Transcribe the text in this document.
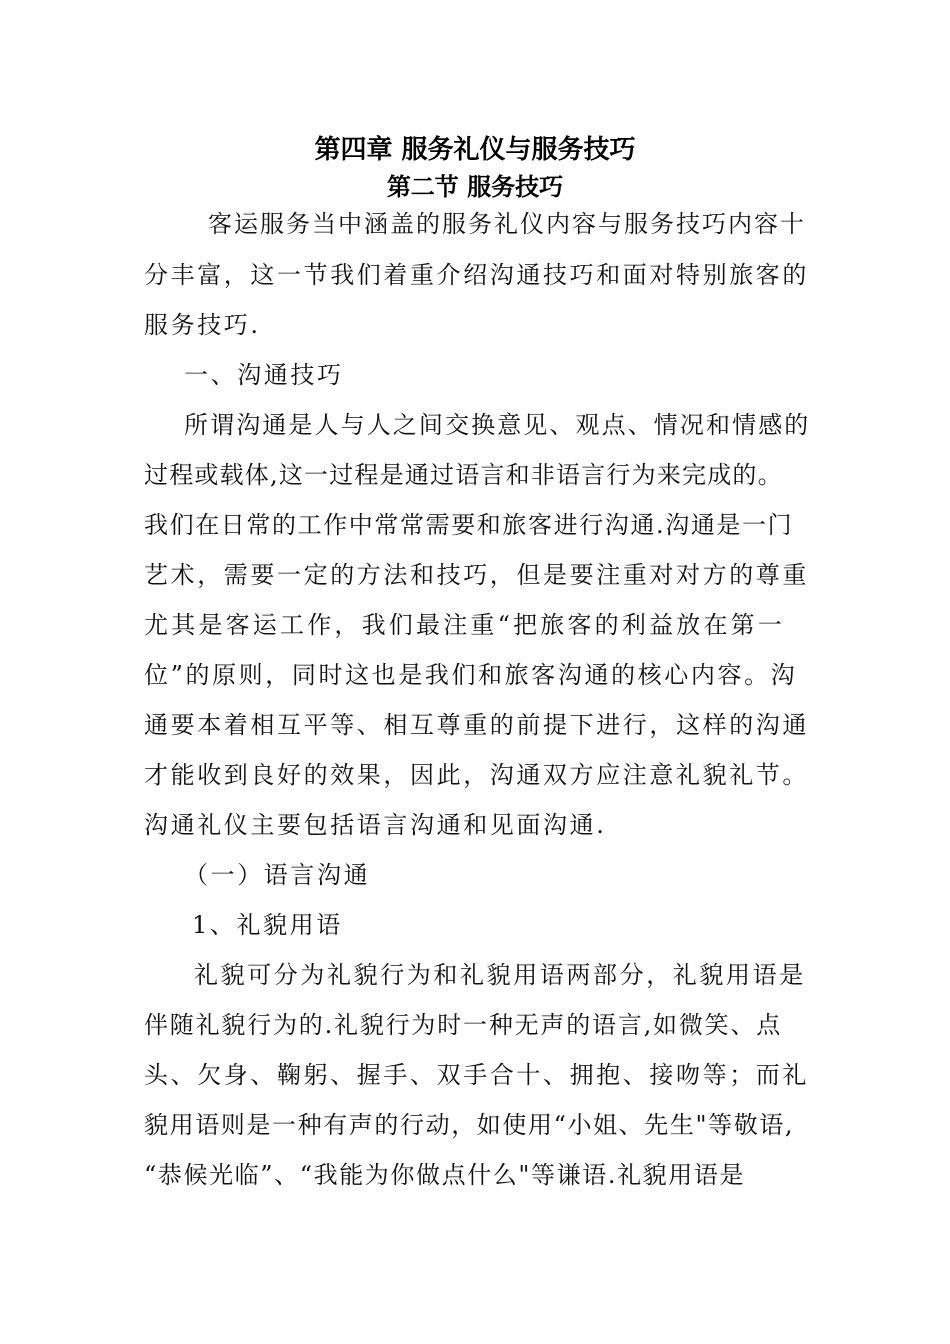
第四章 服务礼仪与服务技巧
第二节 服务技巧
客运服务当中涵盖的服务礼仪内容与服务技巧内容十
分丰富，这一节我们着重介绍沟通技巧和面对特别旅客的
服务技巧.
一、沟通技巧
所谓沟通是人与人之间交换意见、观点、情况和情感的
过程或载体,这一过程是通过语言和非语言行为来完成的。
我们在日常的工作中常常需要和旅客进行沟通.沟通是一门
艺术，需要一定的方法和技巧，但是要注重对对方的尊重
尤其是客运工作，我们最注重“把旅客的利益放在第一
位”的原则，同时这也是我们和旅客沟通的核心内容。沟
通要本着相互平等、相互尊重的前提下进行，这样的沟通
才能收到良好的效果，因此，沟通双方应注意礼貌礼节。
沟通礼仪主要包括语言沟通和见面沟通.
（一）语言沟通
1、礼貌用语
礼貌可分为礼貌行为和礼貌用语两部分，礼貌用语是
伴随礼貌行为的.礼貌行为时一种无声的语言,如微笑、点
头、欠身、鞠躬、握手、双手合十、拥抱、接吻等；而礼
貌用语则是一种有声的行动，如使用“小姐、先生"等敬语,
“恭候光临”、“我能为你做点什么"等谦语.礼貌用语是
